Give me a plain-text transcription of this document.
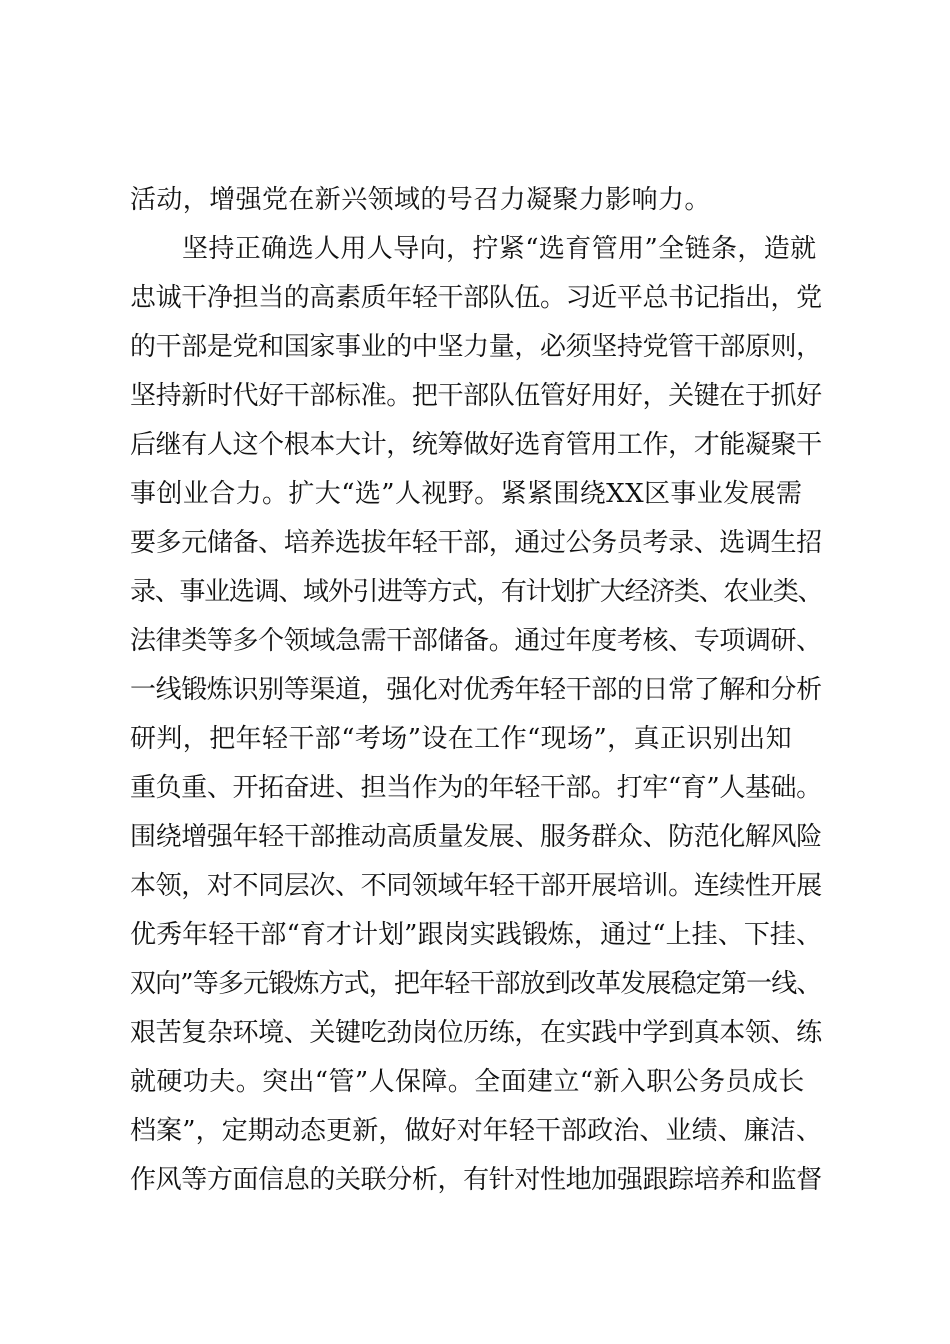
活动，增强党在新兴领域的号召力凝聚力影响力。
坚持正确选人用人导向，拧紧“选育管用”全链条，造就
忠诚干净担当的高素质年轻干部队伍。习近平总书记指出，党
的干部是党和国家事业的中坚力量，必须坚持党管干部原则，
坚持新时代好干部标准。把干部队伍管好用好，关键在于抓好
后继有人这个根本大计，统筹做好选育管用工作，才能凝聚干
事创业合力。扩大“选”人视野。紧紧围绕XX区事业发展需
要多元储备、培养选拔年轻干部，通过公务员考录、选调生招
录、事业选调、域外引进等方式，有计划扩大经济类、农业类、
法律类等多个领域急需干部储备。通过年度考核、专项调研、
一线锻炼识别等渠道，强化对优秀年轻干部的日常了解和分析
研判，把年轻干部“考场”设在工作“现场”，真正识别出知
重负重、开拓奋进、担当作为的年轻干部。打牢“育”人基础。
围绕增强年轻干部推动高质量发展、服务群众、防范化解风险
本领，对不同层次、不同领域年轻干部开展培训。连续性开展
优秀年轻干部“育才计划”跟岗实践锻炼，通过“上挂、下挂、
双向”等多元锻炼方式，把年轻干部放到改革发展稳定第一线、
艰苦复杂环境、关键吃劲岗位历练，在实践中学到真本领、练
就硬功夫。突出“管”人保障。全面建立“新入职公务员成长
档案”，定期动态更新，做好对年轻干部政治、业绩、廉洁、
作风等方面信息的关联分析，有针对性地加强跟踪培养和监督
